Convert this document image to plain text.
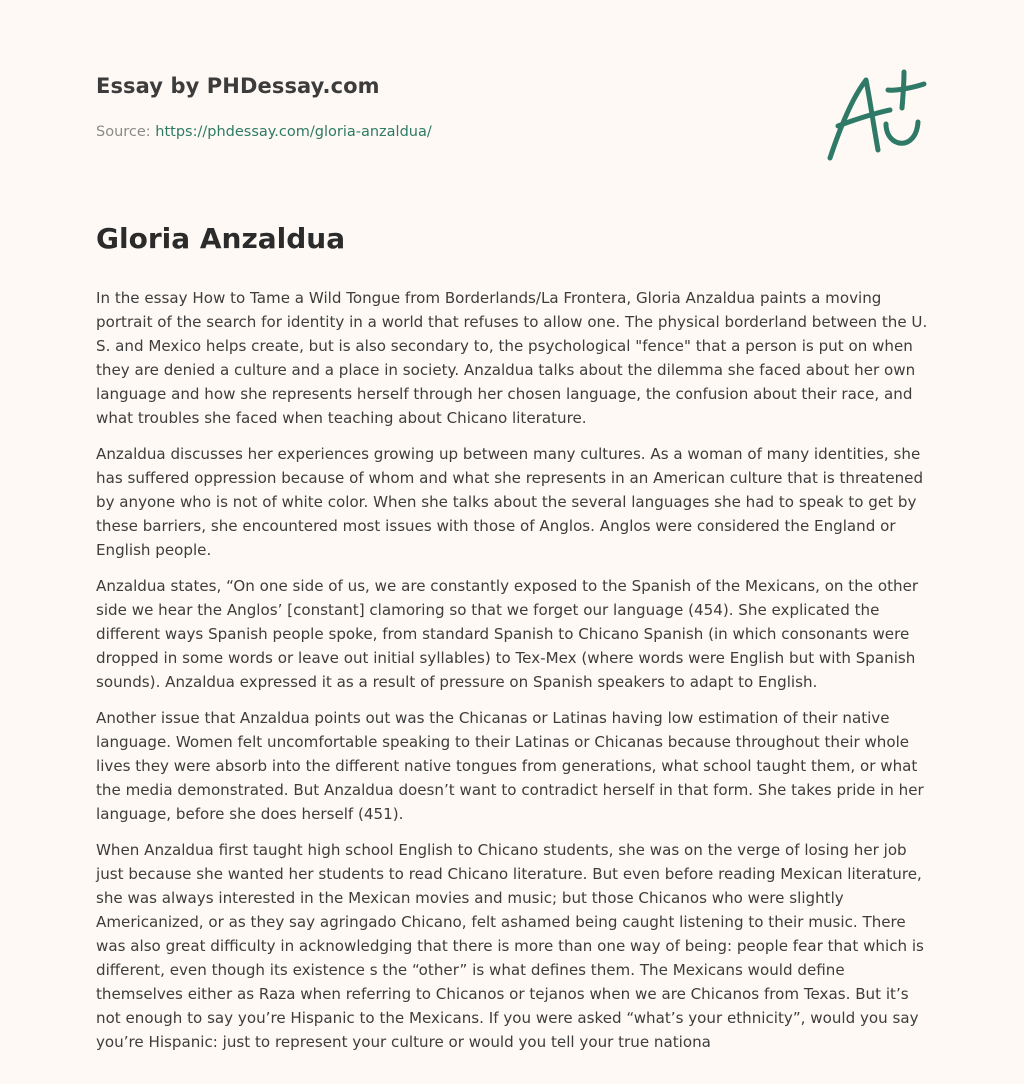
Essay by PHDessay.com
Source: https://phdessay.com/gloria-anzaldua/
Gloria Anzaldua

In the essay How to Tame a Wild Tongue from Borderlands/La Frontera, Gloria Anzaldua paints a moving portrait of the search for identity in a world that refuses to allow one. The physical borderland between the U. S. and Mexico helps create, but is also secondary to, the psychological "fence" that a person is put on when they are denied a culture and a place in society. Anzaldua talks about the dilemma she faced about her own language and how she represents herself through her chosen language, the confusion about their race, and what troubles she faced when teaching about Chicano literature.

Anzaldua discusses her experiences growing up between many cultures. As a woman of many identities, she has suffered oppression because of whom and what she represents in an American culture that is threatened by anyone who is not of white color. When she talks about the several languages she had to speak to get by these barriers, she encountered most issues with those of Anglos. Anglos were considered the England or English people.

Anzaldua states, “On one side of us, we are constantly exposed to the Spanish of the Mexicans, on the other side we hear the Anglos’ [constant] clamoring so that we forget our language (454). She explicated the different ways Spanish people spoke, from standard Spanish to Chicano Spanish (in which consonants were dropped in some words or leave out initial syllables) to Tex-Mex (where words were English but with Spanish sounds). Anzaldua expressed it as a result of pressure on Spanish speakers to adapt to English.

Another issue that Anzaldua points out was the Chicanas or Latinas having low estimation of their native language. Women felt uncomfortable speaking to their Latinas or Chicanas because throughout their whole lives they were absorb into the different native tongues from generations, what school taught them, or what the media demonstrated. But Anzaldua doesn’t want to contradict herself in that form. She takes pride in her language, before she does herself (451).

When Anzaldua first taught high school English to Chicano students, she was on the verge of losing her job just because she wanted her students to read Chicano literature. But even before reading Mexican literature, she was always interested in the Mexican movies and music; but those Chicanos who were slightly Americanized, or as they say agringado Chicano, felt ashamed being caught listening to their music. There was also great difficulty in acknowledging that there is more than one way of being: people fear that which is different, even though its existence s the “other” is what defines them. The Mexicans would define themselves either as Raza when referring to Chicanos or tejanos when we are Chicanos from Texas. But it’s not enough to say you’re Hispanic to the Mexicans. If you were asked “what’s your ethnicity”, would you say you’re Hispanic: just to represent your culture or would you tell your true nationa
